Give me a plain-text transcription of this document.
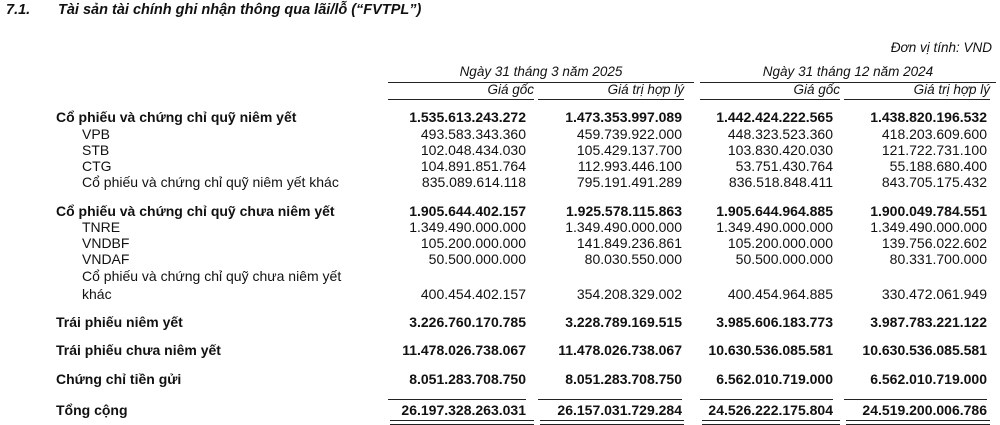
7.1. Tài sản tài chính ghi nhận thông qua lãi/lỗ (“FVTPL”)
Đơn vị tính: VND
Ngày 31 tháng 3 năm 2025	Ngày 31 tháng 12 năm 2024
Giá gốc	Giá trị hợp lý	Giá gốc	Giá trị hợp lý
Cổ phiếu và chứng chỉ quỹ niêm yết	1.535.613.243.272	1.473.353.997.089	1.442.424.222.565	1.438.820.196.532
VPB	493.583.343.360	459.739.922.000	448.323.523.360	418.203.609.600
STB	102.048.434.030	105.429.137.700	103.830.420.030	121.722.731.100
CTG	104.891.851.764	112.993.446.100	53.751.430.764	55.188.680.400
Cổ phiếu và chứng chỉ quỹ niêm yết khác	835.089.614.118	795.191.491.289	836.518.848.411	843.705.175.432
Cổ phiếu và chứng chỉ quỹ chưa niêm yết	1.905.644.402.157	1.925.578.115.863	1.905.644.964.885	1.900.049.784.551
TNRE	1.349.490.000.000	1.349.490.000.000	1.349.490.000.000	1.349.490.000.000
VNDBF	105.200.000.000	141.849.236.861	105.200.000.000	139.756.022.602
VNDAF	50.500.000.000	80.030.550.000	50.500.000.000	80.331.700.000
Cổ phiếu và chứng chỉ quỹ chưa niêm yết
khác	400.454.402.157	354.208.329.002	400.454.964.885	330.472.061.949
Trái phiếu niêm yết	3.226.760.170.785	3.228.789.169.515	3.985.606.183.773	3.987.783.221.122
Trái phiếu chưa niêm yết	11.478.026.738.067	11.478.026.738.067	10.630.536.085.581	10.630.536.085.581
Chứng chỉ tiền gửi	8.051.283.708.750	8.051.283.708.750	6.562.010.719.000	6.562.010.719.000
Tổng cộng	26.197.328.263.031	26.157.031.729.284	24.526.222.175.804	24.519.200.006.786
